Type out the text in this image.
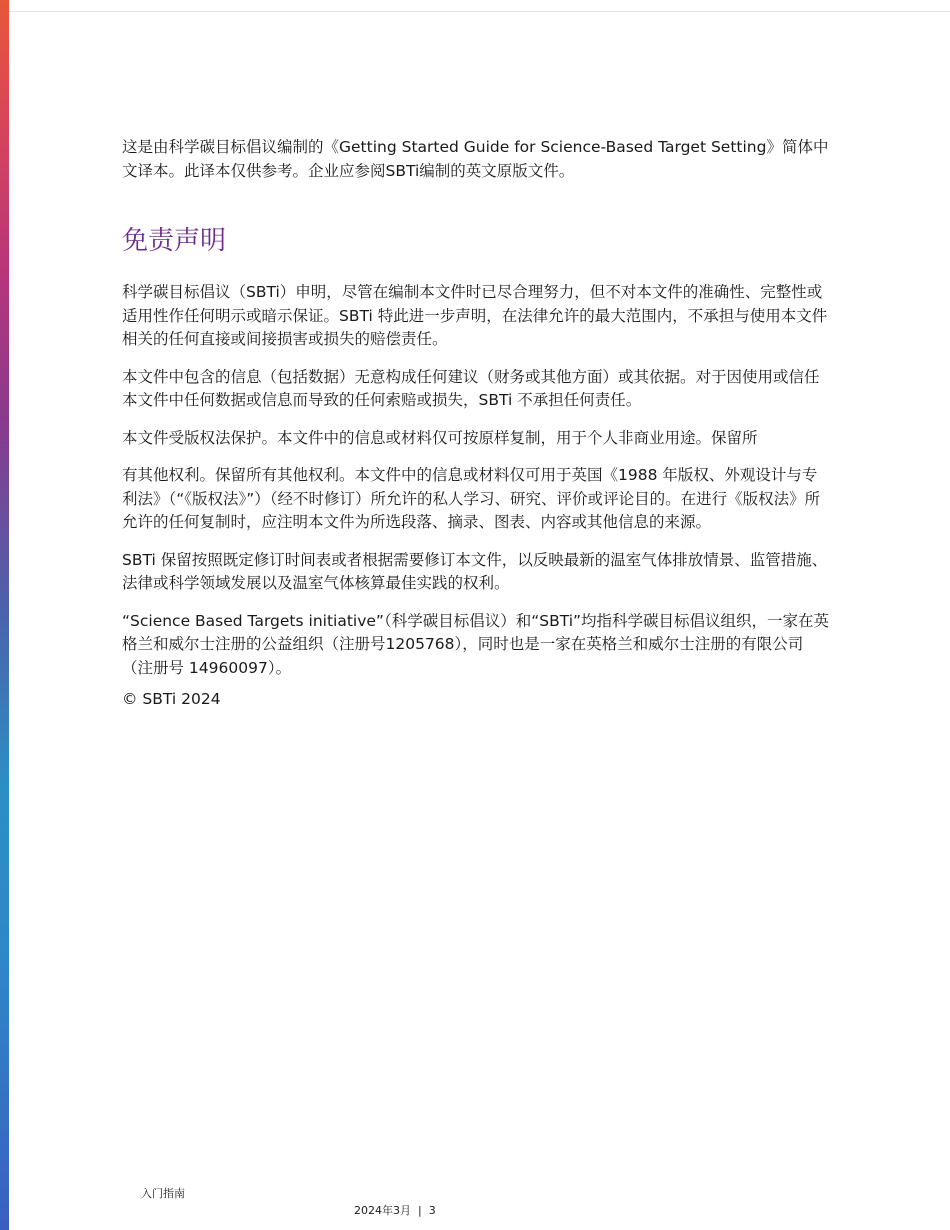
这是由科学碳目标倡议编制的《Getting Started Guide for Science-Based Target Setting》简体中文译本。此译本仅供参考。企业应参阅SBTi编制的英文原版文件。

免责声明

科学碳目标倡议（SBTi）申明，尽管在编制本文件时已尽合理努力，但不对本文件的准确性、完整性或适用性作任何明示或暗示保证。SBTi 特此进一步声明，在法律允许的最大范围内，不承担与使用本文件相关的任何直接或间接损害或损失的赔偿责任。

本文件中包含的信息（包括数据）无意构成任何建议（财务或其他方面）或其依据。对于因使用或信任本文件中任何数据或信息而导致的任何索赔或损失，SBTi 不承担任何责任。

本文件受版权法保护。本文件中的信息或材料仅可按原样复制，用于个人非商业用途。保留所

有其他权利。保留所有其他权利。本文件中的信息或材料仅可用于英国《1988 年版权、外观设计与专利法》（“《版权法》”）（经不时修订）所允许的私人学习、研究、评价或评论目的。在进行《版权法》所允许的任何复制时，应注明本文件为所选段落、摘录、图表、内容或其他信息的来源。

SBTi 保留按照既定修订时间表或者根据需要修订本文件，以反映最新的温室气体排放情景、监管措施、法律或科学领域发展以及温室气体核算最佳实践的权利。

“Science Based Targets initiative”（科学碳目标倡议）和“SBTi”均指科学碳目标倡议组织，一家在英格兰和威尔士注册的公益组织（注册号1205768），同时也是一家在英格兰和威尔士注册的有限公司（注册号 14960097）。

© SBTi 2024

入门指南
2024年3月 | 3
